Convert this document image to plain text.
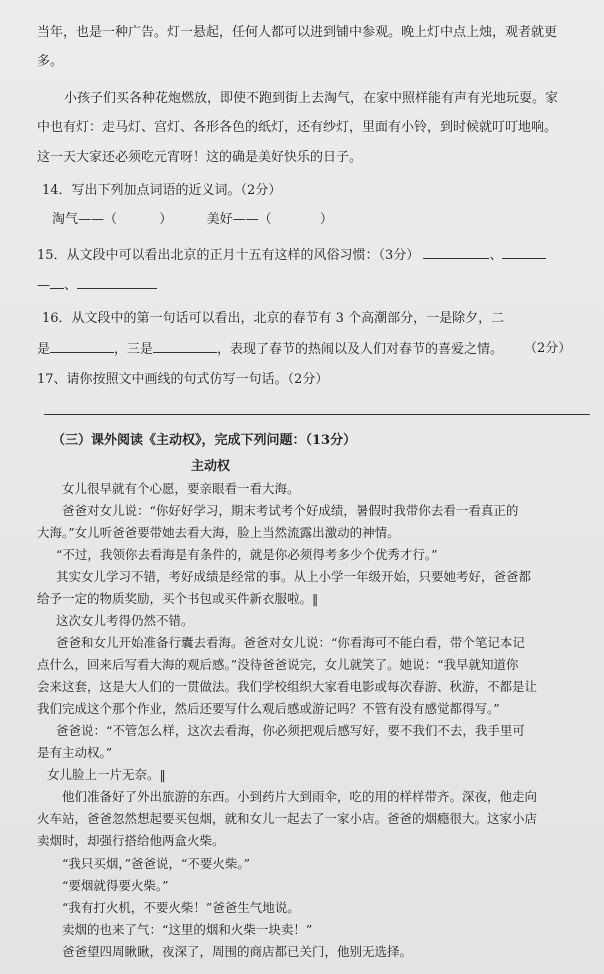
当年，也是一种广告。灯一悬起，任何人都可以进到铺中参观。晚上灯中点上烛，观者就更
多。
小孩子们买各种花炮燃放，即使不跑到街上去淘气，在家中照样能有声有光地玩耍。家
中也有灯：走马灯、宫灯、各形各色的纸灯，还有纱灯，里面有小铃，到时候就叮叮地响。
这一天大家还必须吃元宵呀！这的确是美好快乐的日子。
14．写出下列加点词语的近义词。（2分）
淘气——（	）	美好——（	）
15．从文段中可以看出北京的正月十五有这样的风俗习惯：（3分）	、
— 、
16．从文段中的第一句话可以看出，北京的春节有 3 个高潮部分，一是除夕，二
是	，三是	，表现了春节的热闹以及人们对春节的喜爱之情。 （2分）
17、请你按照文中画线的句式仿写一句话。（2分）
（三）课外阅读《主动权》，完成下列问题：（13分）
主动权
女儿很早就有个心愿，要亲眼看一看大海。
爸爸对女儿说：“你好好学习，期末考试考个好成绩，暑假时我带你去看一看真正的
大海。”女儿听爸爸要带她去看大海，脸上当然流露出激动的神情。
“不过，我领你去看海是有条件的，就是你必须得考多少个优秀才行。”
其实女儿学习不错，考好成绩是经常的事。从上小学一年级开始，只要她考好，爸爸都
给予一定的物质奖励，买个书包或买件新衣服啦。‖
这次女儿考得仍然不错。
爸爸和女儿开始准备行囊去看海。爸爸对女儿说：“你看海可不能白看，带个笔记本记
点什么，回来后写看大海的观后感。”没待爸爸说完，女儿就笑了。她说：“我早就知道你
会来这套，这是大人们的一贯做法。我们学校组织大家看电影或每次春游、秋游，不都是让
我们完成这个那个作业，然后还要写什么观后感或游记吗？不管有没有感觉都得写。”
爸爸说：“不管怎么样，这次去看海，你必须把观后感写好，要不我们不去，我手里可
是有主动权。”
女儿脸上一片无奈。‖
他们准备好了外出旅游的东西。小到药片大到雨伞，吃的用的样样带齐。深夜，他走向
火车站，爸爸忽然想起要买包烟，就和女儿一起去了一家小店。爸爸的烟瘾很大。这家小店
卖烟时，却强行搭给他两盒火柴。
“我只买烟，”爸爸说，“不要火柴。”
“要烟就得要火柴。”
“我有打火机，不要火柴！”爸爸生气地说。
卖烟的也来了气：“这里的烟和火柴一块卖！”
爸爸望四周瞅瞅，夜深了，周围的商店都已关门，他别无选择。
